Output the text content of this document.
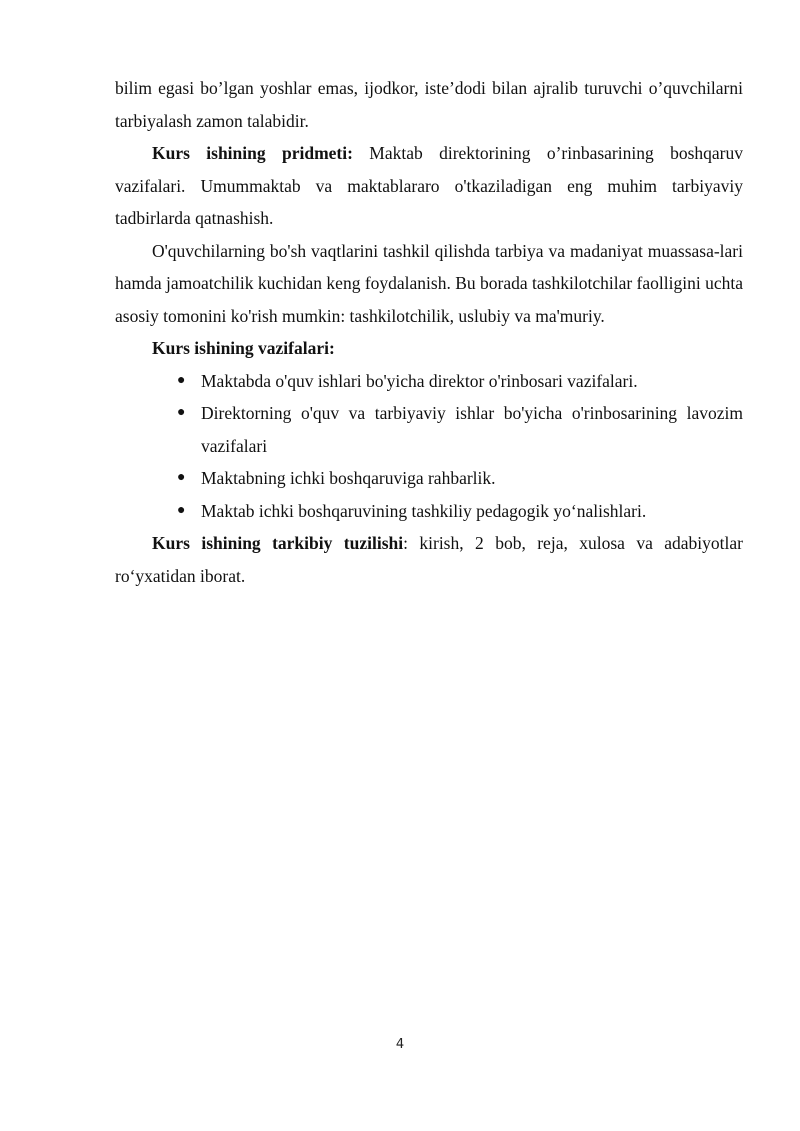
bilim egasi bo’lgan yoshlar emas, ijodkor, iste’dodi bilan ajralib turuvchi o’quvchilarni tarbiyalash zamon talabidir.

Kurs ishining pridmeti: Maktab direktorining o’rinbasarining boshqaruv vazifalari. Umummaktab va maktablararo o'tkaziladigan eng muhim tarbiyaviy tadbirlarda qatnashish.

O'quvchilarning bo'sh vaqtlarini tashkil qilishda tarbiya va madaniyat muassasa-lari hamda jamoatchilik kuchidan keng foydalanish. Bu borada tashkilotchilar faolligini uchta asosiy tomonini ko'rish mumkin: tashkilotchilik, uslubiy va ma'muriy.

Kurs ishining vazifalari:

● Maktabda o'quv ishlari bo'yicha direktor o'rinbosari vazifalari.
● Direktorning o'quv va tarbiyaviy ishlar bo'yicha o'rinbosarining lavozim vazifalari
● Maktabning ichki boshqaruviga rahbarlik.
● Maktab ichki boshqaruvining tashkiliy pedagogik yo‘nalishlari.

Kurs ishining tarkibiy tuzilishi: kirish, 2 bob, reja, xulosa va adabiyotlar ro‘yxatidan iborat.

4
